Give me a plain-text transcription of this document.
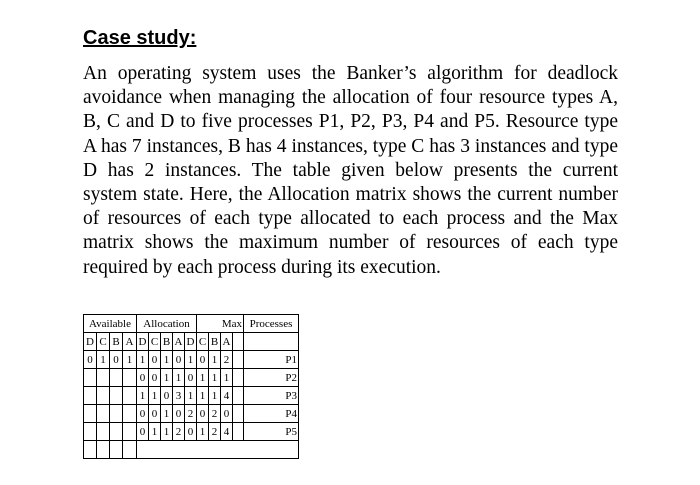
Case study:

An operating system uses the Banker’s algorithm for deadlock avoidance when managing the allocation of four resource types A, B, C and D to five processes P1, P2, P3, P4 and P5. Resource type A has 7 instances, B has 4 instances, type C has 3 instances and type D has 2 instances. The table given below presents the current system state. Here, the Allocation matrix shows the current number of resources of each type allocated to each process and the Max matrix shows the maximum number of resources of each type required by each process during its execution.

Available				Allocation					Max				Processes
D	C	B	A	D	C	B	A	D	C	B	A		
0	1	0	1	1	0	1	0	1	0	1	2		P1
				0	0	1	1	0	1	1	1		P2
				1	1	0	3	1	1	1	4		P3
				0	0	1	0	2	0	2	0		P4
				0	1	1	2	0	1	2	4		P5
